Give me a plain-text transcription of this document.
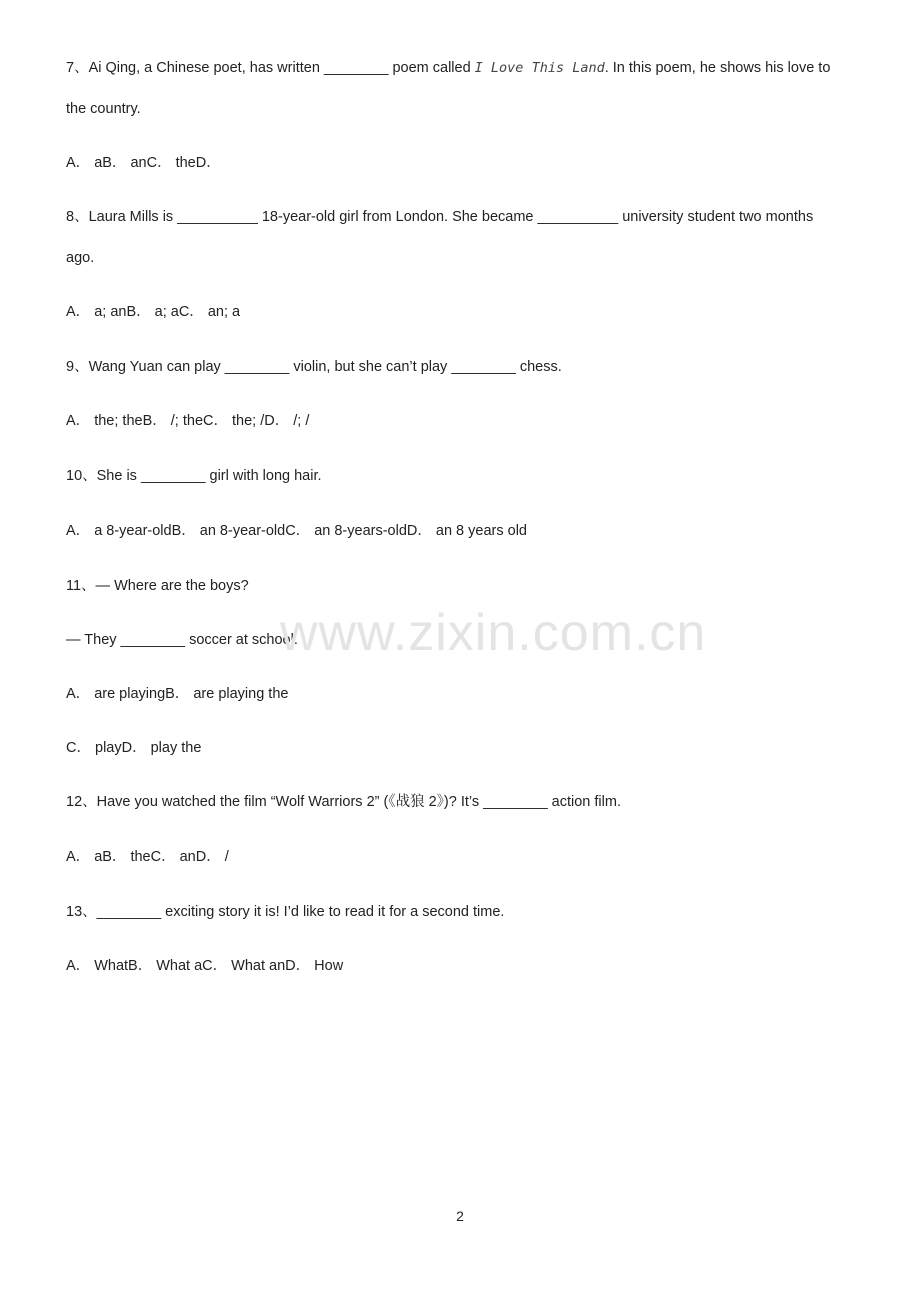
7、Ai Qing, a Chinese poet, has written ________ poem called I Love This Land. In this poem, he shows his love to

the country.

A． aB． anC． theD．

8、Laura Mills is __________ 18-year-old girl from London. She became __________ university student two months

ago.

A． a; anB． a; aC． an; a

9、Wang Yuan can play ________ violin, but she can’t play ________ chess.

A． the; theB． /; theC． the; /D． /; /

10、She is ________ girl with long hair.

A． a 8-year-oldB． an 8-year-oldC． an 8-years-oldD． an 8 years old

11、— Where are the boys?

— They ________ soccer at school.

A． are playingB． are playing the

C． playD． play the

12、Have you watched the film “Wolf Warriors 2” (《战狼 2》)? It’s ________ action film.

A． aB． theC． anD． /

13、________ exciting story it is! I’d like to read it for a second time.

A． WhatB． What aC． What anD． How

www.zixin.com.cn
2
